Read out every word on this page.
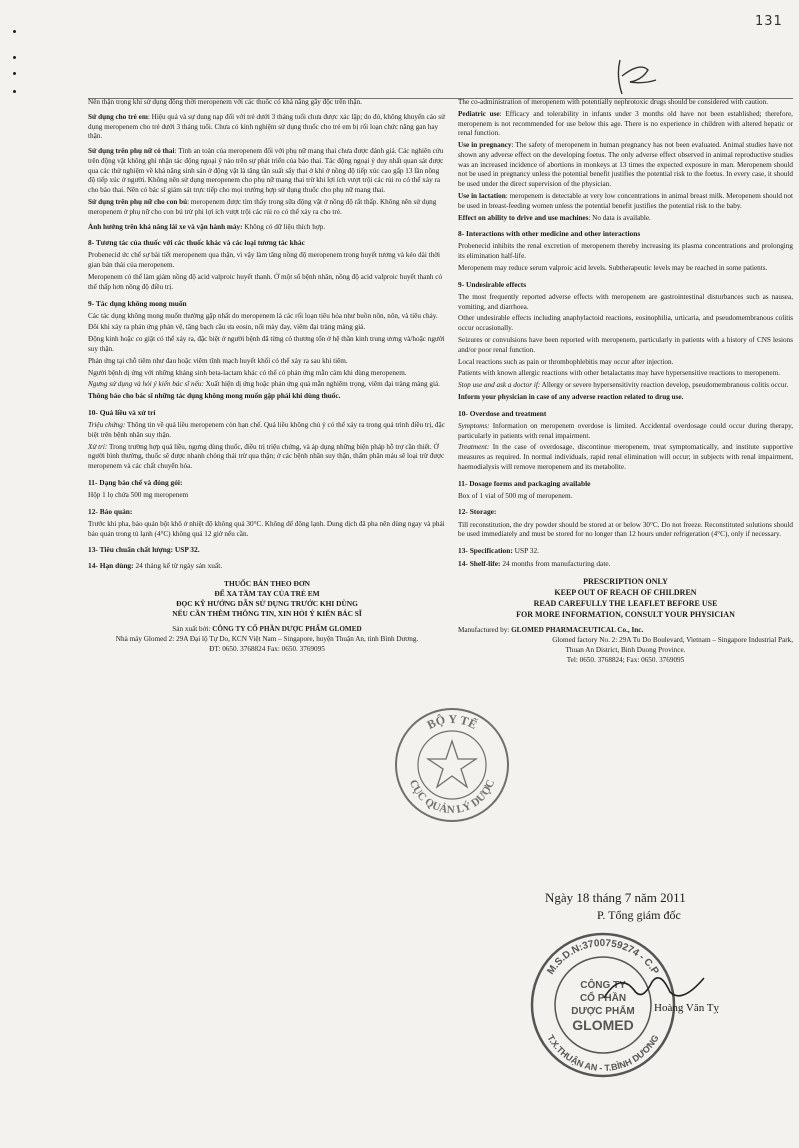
131

Nên thận trọng khi sử dụng đồng thời meropenem với các thuốc có khả năng gây độc trên thận.

Sử dụng cho trẻ em: Hiệu quả và sự dung nạp đối với trẻ dưới 3 tháng tuổi chưa được xác lập; do đó, không khuyến cáo sử dụng meropenem cho trẻ dưới 3 tháng tuổi. Chưa có kinh nghiệm sử dụng thuốc cho trẻ em bị rối loạn chức năng gan hay thận.

Sử dụng trên phụ nữ có thai: Tính an toàn của meropenem đối với phụ nữ mang thai chưa được đánh giá. Các nghiên cứu trên động vật không ghi nhận tác động ngoại ý nào trên sự phát triển của bào thai. Tác động ngoại ý duy nhất quan sát được qua các thử nghiệm về khả năng sinh sản ở động vật là tăng tần suất sẩy thai ở khỉ ở nồng độ tiếp xúc cao gấp 13 lần nồng độ tiếp xúc ở người. Không nên sử dụng meropenem cho phụ nữ mang thai trừ khi lợi ích vượt trội các rủi ro có thể xảy ra cho bào thai. Nên có bác sĩ giám sát trực tiếp cho mọi trường hợp sử dụng thuốc cho phụ nữ mang thai.

Sử dụng trên phụ nữ cho con bú: meropenem được tìm thấy trong sữa động vật ở nồng độ rất thấp. Không nên sử dụng meropenem ở phụ nữ cho con bú trừ phi lợi ích vượt trội các rủi ro có thể xảy ra cho trẻ.

Ảnh hưởng trên khả năng lái xe và vận hành máy: Không có dữ liệu thích hợp.

8- Tương tác của thuốc với các thuốc khác và các loại tương tác khác

Probenecid ức chế sự bài tiết meropenem qua thận, vì vậy làm tăng nồng độ meropenem trong huyết tương và kéo dài thời gian bán thải của meropenem.

Meropenem có thể làm giảm nồng độ acid valproic huyết thanh. Ở một số bệnh nhân, nồng độ acid valproic huyết thanh có thể thấp hơn nồng độ điều trị.

9- Tác dụng không mong muốn

Các tác dụng không mong muốn thường gặp nhất do meropenem là các rối loạn tiêu hóa như buồn nôn, nôn, và tiêu chảy.

Đôi khi xảy ra phản ứng phản vệ, tăng bạch cầu ưa eosin, nổi mày đay, viêm đại tràng màng giả.

Động kinh hoặc co giật có thể xảy ra, đặc biệt ở người bệnh đã từng có thương tổn ở hệ thần kinh trung ương và/hoặc người suy thận.

Phản ứng tại chỗ tiêm như đau hoặc viêm tĩnh mạch huyết khối có thể xảy ra sau khi tiêm.

Người bệnh dị ứng với những kháng sinh beta-lactam khác có thể có phản ứng mẫn cảm khi dùng meropenem.

Ngưng sử dụng và hỏi ý kiến bác sĩ nếu: Xuất hiện dị ứng hoặc phản ứng quá mẫn nghiêm trọng, viêm đại tràng màng giả.

Thông báo cho bác sĩ những tác dụng không mong muốn gặp phải khi dùng thuốc.

10- Quá liều và xử trí

Triệu chứng: Thông tin về quá liều meropenem còn hạn chế. Quá liều không chủ ý có thể xảy ra trong quá trình điều trị, đặc biệt trên bệnh nhân suy thận.

Xử trí: Trong trường hợp quá liều, ngưng dùng thuốc, điều trị triệu chứng, và áp dụng những biện pháp hỗ trợ cần thiết. Ở người bình thường, thuốc sẽ được nhanh chóng thải trừ qua thận; ở các bệnh nhân suy thận, thẩm phân máu sẽ loại trừ được meropenem và các chất chuyển hóa.

11- Dạng bào chế và đóng gói:

Hộp 1 lọ chứa 500 mg meropenem

12- Bảo quản:

Trước khi pha, bảo quản bột khô ở nhiệt độ không quá 30°C. Không để đông lạnh. Dung dịch đã pha nên dùng ngay và phải bảo quản trong tủ lạnh (4°C) không quá 12 giờ nếu cần.

13- Tiêu chuẩn chất lượng: USP 32.
14- Hạn dùng: 24 tháng kể từ ngày sản xuất.
THUỐC BÁN THEO ĐƠN
ĐỂ XA TẦM TAY CỦA TRẺ EM
ĐỌC KỸ HƯỚNG DẪN SỬ DỤNG TRƯỚC KHI DÙNG
NẾU CẦN THÊM THÔNG TIN, XIN HỎI Ý KIẾN BÁC SĨ
Sản xuất bởi: CÔNG TY CỔ PHẦN DƯỢC PHẨM GLOMED
Nhà máy Glomed 2: 29A Đại lộ Tự Do, KCN Việt Nam – Singapore, huyện Thuận An, tỉnh Bình Dương.
ĐT: 0650. 3768824 Fax: 0650. 3769095

The co-administration of meropenem with potentially nephrotoxic drugs should be considered with caution.

Pediatric use: Efficacy and tolerability in infants under 3 months old have not been established; therefore, meropenem is not recommended for use below this age. There is no experience in children with altered hepatic or renal function.

Use in pregnancy: The safety of meropenem in human pregnancy has not been evaluated. Animal studies have not shown any adverse effect on the developing foetus. The only adverse effect observed in animal reproductive studies was an increased incidence of abortions in monkeys at 13 times the expected exposure in man. Meropenem should not be used in pregnancy unless the potential benefit justifies the potential risk to the foetus. In every case, it should be used under the direct supervision of the physician.

Use in lactation: meropenem is detectable at very low concentrations in animal breast milk. Meropenem should not be used in breast-feeding women unless the potential benefit justifies the potential risk to the baby.

Effect on ability to drive and use machines: No data is available.

8- Interactions with other medicine and other interactions

Probenecid inhibits the renal excretion of meropenem thereby increasing its plasma concentrations and prolonging its elimination half-life.

Meropenem may reduce serum valproic acid levels. Subtherapeutic levels may be reached in some patients.

9- Undesirable effects

The most frequently reported adverse effects with meropenem are gastrointestinal disturbances such as nausea, vomiting, and diarrhoea.

Other undesirable effects including anaphylactoid reactions, eosinophilia, urticaria, and pseudomembranous colitis occur occasionally.

Seizures or convulsions have been reported with meropenem, particularly in patients with a history of CNS lesions and/or poor renal function.

Local reactions such as pain or thrombophlebitis may occur after injection.

Patients with known allergic reactions with other betalactams may have hypersensitive reactions to meropenem.

Stop use and ask a doctor if: Allergy or severe hypersensitivity reaction develop, pseudomembranous colitis occur.

Inform your physician in case of any adverse reaction related to drug use.

10- Overdose and treatment

Symptoms: Information on meropenem overdose is limited. Accidental overdosage could occur during therapy, particularly in patients with renal impairment.

Treatment: In the case of overdosage, discontinue meropenem, treat symptomatically, and institute supportive measures as required. In normal individuals, rapid renal elimination will occur; in subjects with renal impairment, haemodialysis will remove meropenem and its metabolite.

11- Dosage forms and packaging available

Box of 1 vial of 500 mg of meropenem.

12- Storage:

Till reconstitution, the dry powder should be stored at or below 30°C. Do not freeze. Reconstituted solutions should be used immediately and must be stored for no longer than 12 hours under refrigeration (4°C), only if necessary.

13- Specification: USP 32.
14- Shelf-life: 24 months from manufacturing date.
PRESCRIPTION ONLY
KEEP OUT OF REACH OF CHILDREN
READ CAREFULLY THE LEAFLET BEFORE USE
FOR MORE INFORMATION, CONSULT YOUR PHYSICIAN
Manufactured by: GLOMED PHARMACEUTICAL Co., Inc.
Glomed factory No. 2: 29A Tu Do Boulevard, Vietnam – Singapore Industrial Park,
Thuan An District, Binh Duong Province.
Tel: 0650. 3768824; Fax: 0650. 3769095
BỘ Y TẾ
CỤC QUẢN LÝ DƯỢC
Ngày 18 tháng 7 năm 2011
P. Tổng giám đốc
M.S.D.N:3700759274 - C.P
T.X.THUẬN AN - T.BÌNH DƯƠNG
CÔNG TY
CỔ PHẦN
DƯỢC PHẨM
GLOMED
Hoàng Văn Tỵ
